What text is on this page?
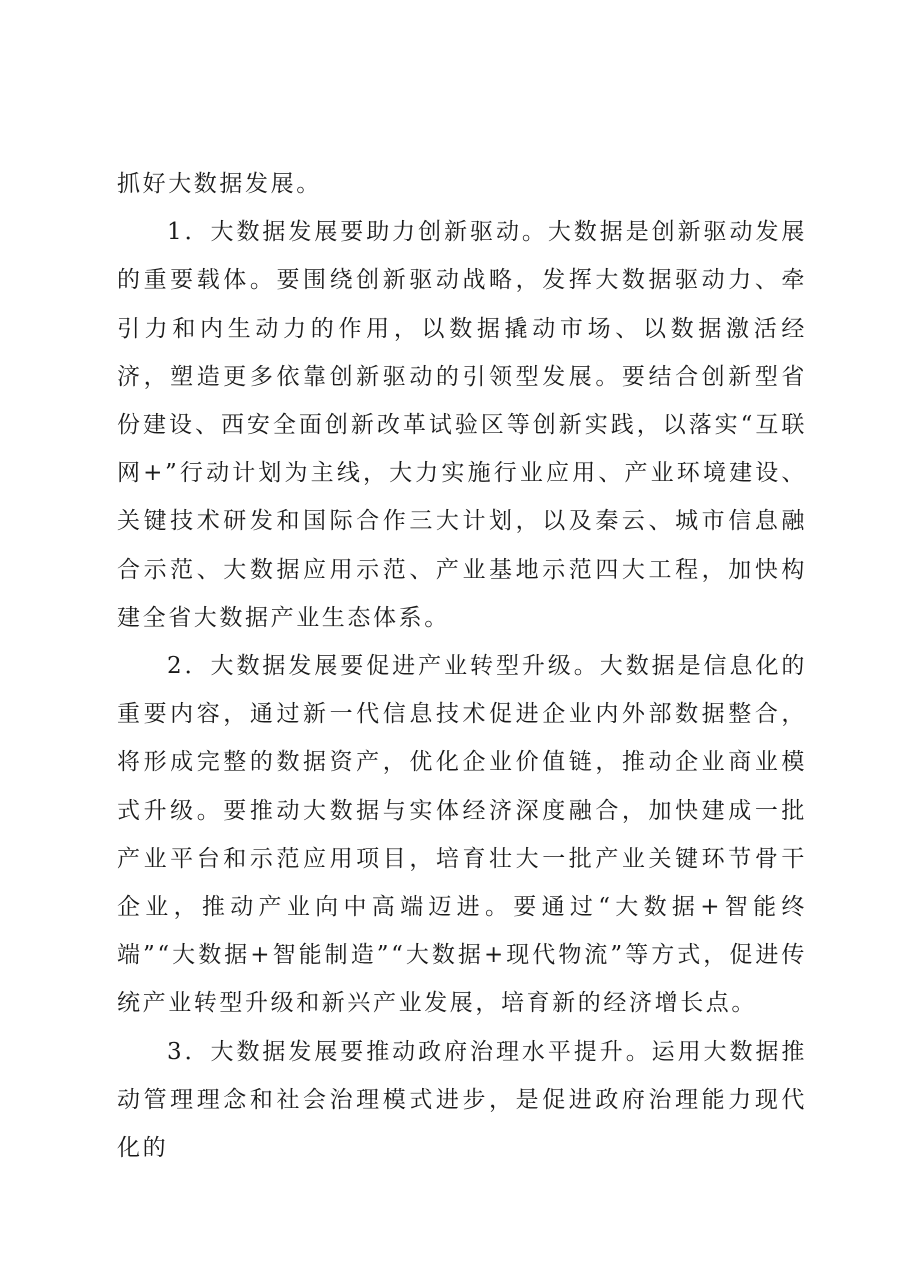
抓好大数据发展。

1．大数据发展要助力创新驱动。大数据是创新驱动发展的重要载体。要围绕创新驱动战略，发挥大数据驱动力、牵引力和内生动力的作用，以数据撬动市场、以数据激活经济，塑造更多依靠创新驱动的引领型发展。要结合创新型省份建设、西安全面创新改革试验区等创新实践，以落实“互联网+”行动计划为主线，大力实施行业应用、产业环境建设、关键技术研发和国际合作三大计划，以及秦云、城市信息融合示范、大数据应用示范、产业基地示范四大工程，加快构建全省大数据产业生态体系。

2．大数据发展要促进产业转型升级。大数据是信息化的重要内容，通过新一代信息技术促进企业内外部数据整合，将形成完整的数据资产，优化企业价值链，推动企业商业模式升级。要推动大数据与实体经济深度融合，加快建成一批产业平台和示范应用项目，培育壮大一批产业关键环节骨干企业，推动产业向中高端迈进。要通过“大数据+智能终端”“大数据+智能制造”“大数据+现代物流”等方式，促进传统产业转型升级和新兴产业发展，培育新的经济增长点。

3．大数据发展要推动政府治理水平提升。运用大数据推动管理理念和社会治理模式进步，是促进政府治理能力现代化的
